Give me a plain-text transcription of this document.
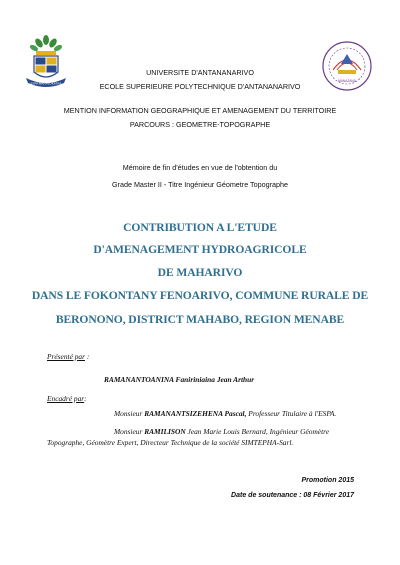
ESPA MAHAVOKATRA
MANAZANA
UNIVERSITE D'ANTANANARIVO
ECOLE SUPERIEURE POLYTECHNIQUE D'ANTANANARIVO
MENTION INFORMATION GEOGRAPHIQUE ET AMENAGEMENT DU TERRITOIRE
PARCOURS : GEOMETRE-TOPOGRAPHE
Mémoire de fin d'études en vue de l'obtention du
Grade Master II - Titre Ingénieur Géometre Topographe
CONTRIBUTION A L'ETUDE
D'AMENAGEMENT HYDROAGRICOLE
DE MAHARIVO
DANS LE FOKONTANY FENOARIVO, COMMUNE RURALE DE
BERONONO, DISTRICT MAHABO, REGION MENABE
Présenté par :
RAMANANTOANINA Faniriniaina Jean Arthur
Encadré par:
Monsieur RAMANANTSIZEHENA Pascal, Professeur Titulaire à l'ESPA.
Monsieur RAMILISON Jean Marie Louis Bernard, Ingénieur Géomètre
Topographe, Géomètre Expert, Directeur Technique de la société SIMTEPHA-Sarl.
Promotion 2015
Date de soutenance : 08 Février 2017
